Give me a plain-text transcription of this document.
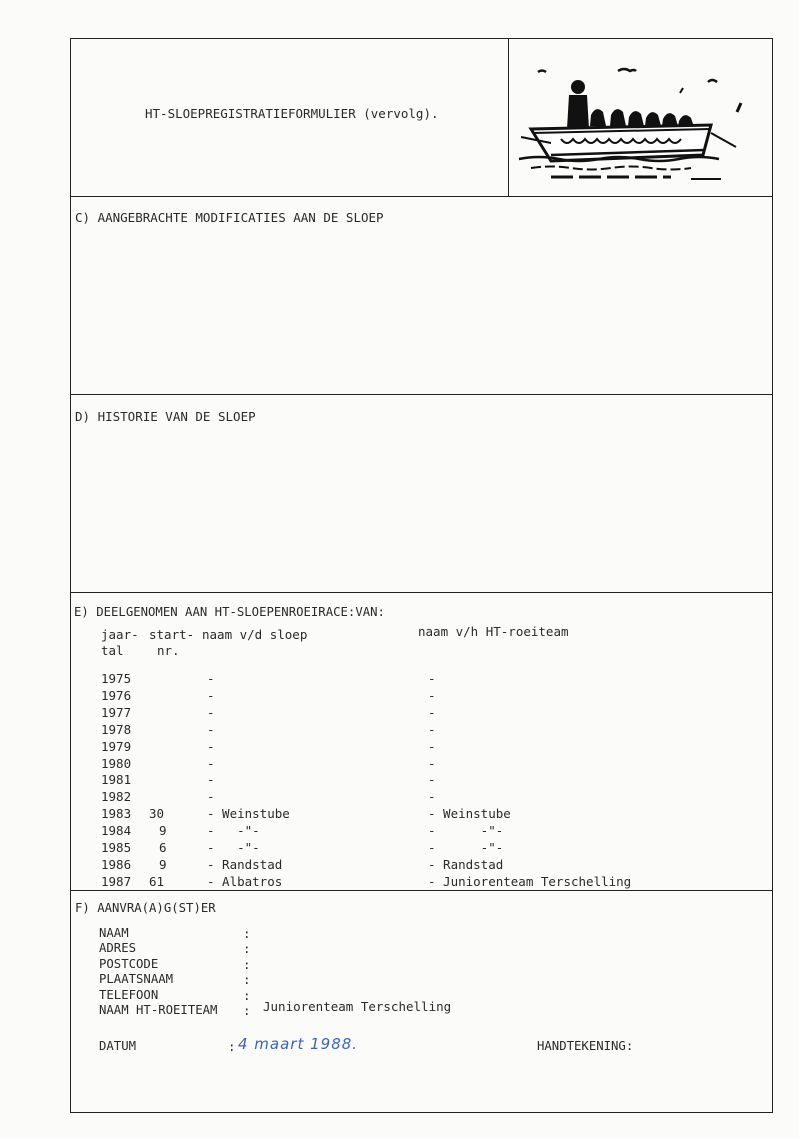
HT-SLOEPREGISTRATIEFORMULIER (vervolg).
C) AANGEBRACHTE MODIFICATIES AAN DE SLOEP
D) HISTORIE VAN DE SLOEP
E) DEELGENOMEN AAN HT-SLOEPENROEIRACE:VAN:
jaar-
tal
start-
nr.
naam v/d sloep	naam v/h HT-roeiteam
1975	-	-
1976	-	-
1977	-	-
1978	-	-
1979	-	-
1980	-	-
1981	-	-
1982	-	-
1983 30	- Weinstube	- Weinstube
1984 9	-   -"-	-      -"-
1985 6	-   -"-	-      -"-
1986 9	- Randstad	- Randstad
1987 61	- Albatros	- Juniorenteam Terschelling
F) AANVRA(A)G(ST)ER
NAAM	:
ADRES	:
POSTCODE	:
PLAATSNAAM	:
TELEFOON	:
NAAM HT-ROEITEAM : Juniorenteam Terschelling
DATUM	: 4 maart 1988.	HANDTEKENING:
